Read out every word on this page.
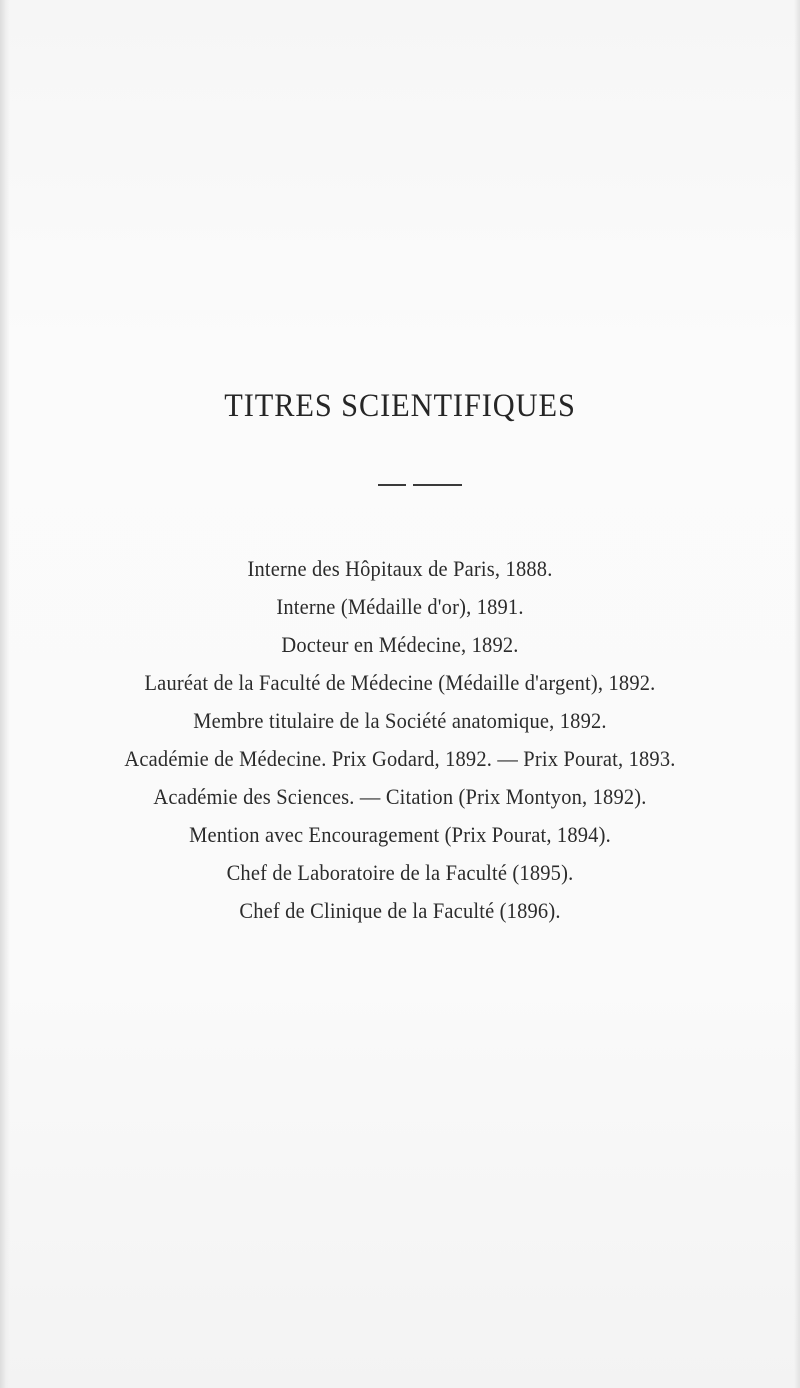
TITRES SCIENTIFIQUES
Interne des Hôpitaux de Paris, 1888.
Interne (Médaille d'or), 1891.
Docteur en Médecine, 1892.
Lauréat de la Faculté de Médecine (Médaille d'argent), 1892.
Membre titulaire de la Société anatomique, 1892.
Académie de Médecine. Prix Godard, 1892. — Prix Pourat, 1893.
Académie des Sciences. — Citation (Prix Montyon, 1892).
Mention avec Encouragement (Prix Pourat, 1894).
Chef de Laboratoire de la Faculté (1895).
Chef de Clinique de la Faculté (1896).
